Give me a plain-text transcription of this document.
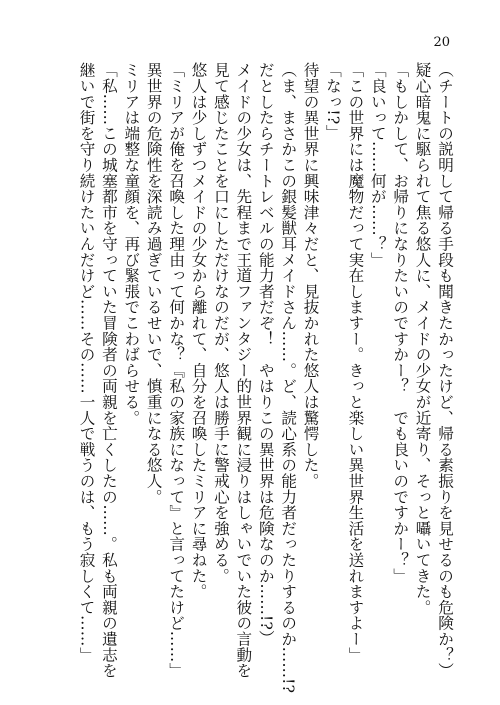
20
（チートの説明して帰る手段も聞きたかったけど、帰る素振りを見せるのも危険か？）
疑心暗鬼に駆られて焦る悠人に、メイドの少女が近寄り、そっと囁いてきた。
「もしかして、お帰りになりたいのですかー？　でも良いのですかー？」
「良いって……何が……？」
「この世界には魔物だって実在しますー。きっと楽しい異世界生活を送れますよー」
「なっ!?」
待望の異世界に興味津々だと、見抜かれた悠人は驚愕した。
（ま、まさかこの銀髪獣耳メイドさん……。ど、読心系の能力者だったりするのか……!?
だとしたらチートレベルの能力者だぞ！　やはりこの異世界は危険なのか……!?）
メイドの少女は、先程まで王道ファンタジー的世界観に浸りはしゃいでいた彼の言動を
見て感じたことを口にしただけなのだが、悠人は勝手に警戒心を強める。
悠人は少しずつメイドの少女から離れて、自分を召喚したミリアに尋ねた。
「ミリアが俺を召喚した理由って何かな？『私の家族になって』と言ってたけど……」
異世界の危険性を深読み過ぎているせいで、慎重になる悠人。
ミリアは端整な童顔を、再び緊張でこわばらせる。
「私……この城塞都市を守っていた冒険者の両親を亡くしたの……。私も両親の遺志を
継いで街を守り続けたいんだけど……その……一人で戦うのは、もう寂しくて……」
